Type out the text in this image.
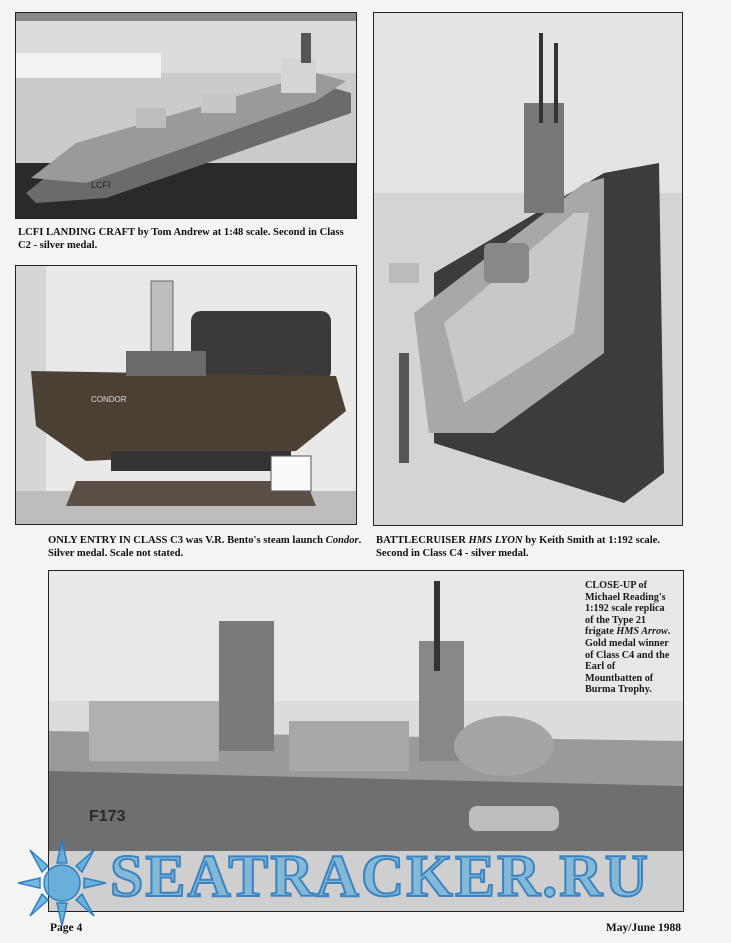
LCFI
LCFI LANDING CRAFT by Tom Andrew at 1:48 scale. Second in Class C2 - silver medal.
CONDOR
ONLY ENTRY IN CLASS C3 was V.R. Bento's steam launch Condor. Silver medal. Scale not stated.
BATTLECRUISER HMS LYON by Keith Smith at 1:192 scale. Second in Class C4 - silver medal.
F173
CLOSE-UP of Michael Reading's 1:192 scale replica of the Type 21 frigate HMS Arrow. Gold medal winner of Class C4 and the Earl of Mountbatten of Burma Trophy.
SEATRACKER.RU
Page 4	May/June 1988
